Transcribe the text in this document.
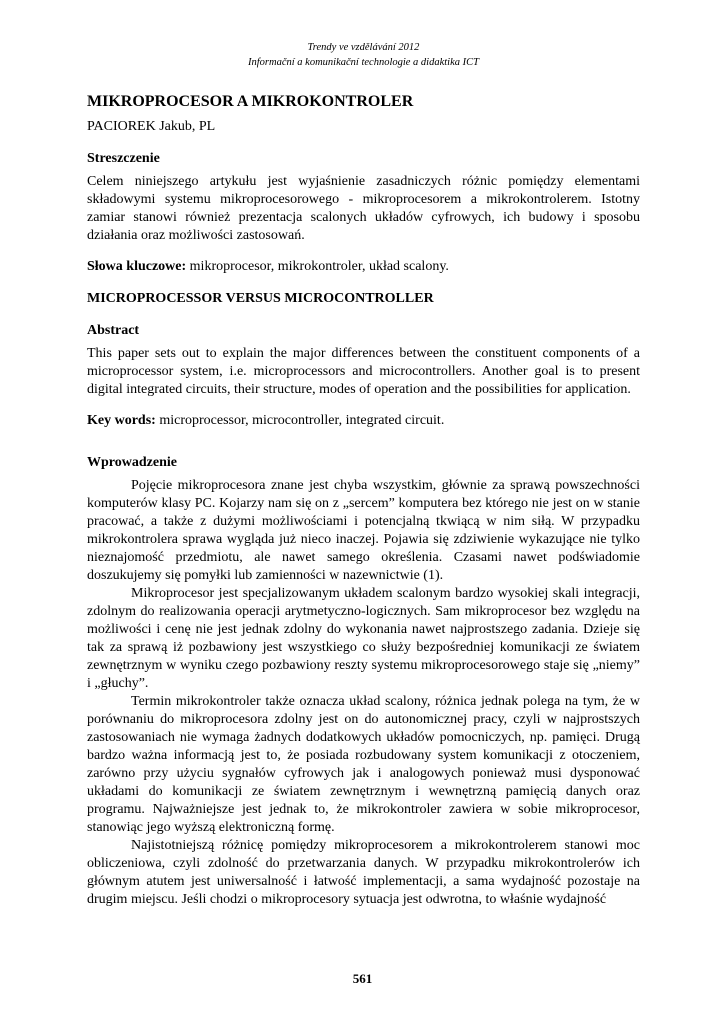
Trendy ve vzdělávání 2012

Informační a komunikační technologie a didaktika ICT

MIKROPROCESOR A MIKROKONTROLER

PACIOREK Jakub, PL

Streszczenie

Celem niniejszego artykułu jest wyjaśnienie zasadniczych różnic pomiędzy elementami składowymi systemu mikroprocesorowego - mikroprocesorem a mikrokontrolerem. Istotny zamiar stanowi również prezentacja scalonych układów cyfrowych, ich budowy i sposobu działania oraz możliwości zastosowań.

Słowa kluczowe: mikroprocesor, mikrokontroler, układ scalony.

MICROPROCESSOR VERSUS MICROCONTROLLER
Abstract

This paper sets out to explain the major differences between the constituent components of a microprocessor system, i.e. microprocessors and microcontrollers. Another goal is to present digital integrated circuits, their structure, modes of operation and the possibilities for application.

Key words: microprocessor, microcontroller, integrated circuit.

Wprowadzenie

Pojęcie mikroprocesora znane jest chyba wszystkim, głównie za sprawą powszechności komputerów klasy PC. Kojarzy nam się on z „sercem” komputera bez którego nie jest on w stanie pracować, a także z dużymi możliwościami i potencjalną tkwiącą w nim siłą. W przypadku mikrokontrolera sprawa wygląda już nieco inaczej. Pojawia się zdziwienie wykazujące nie tylko nieznajomość przedmiotu, ale nawet samego określenia. Czasami nawet podświadomie doszukujemy się pomyłki lub zamienności w nazewnictwie (1).

Mikroprocesor jest specjalizowanym układem scalonym bardzo wysokiej skali integracji, zdolnym do realizowania operacji arytmetyczno-logicznych. Sam mikroprocesor bez względu na możliwości i cenę nie jest jednak zdolny do wykonania nawet najprostszego zadania. Dzieje się tak za sprawą iż pozbawiony jest wszystkiego co służy bezpośredniej komunikacji ze światem zewnętrznym w wyniku czego pozbawiony reszty systemu mikroprocesorowego staje się „niemy” i „głuchy”.

Termin mikrokontroler także oznacza układ scalony, różnica jednak polega na tym, że w porównaniu do mikroprocesora zdolny jest on do autonomicznej pracy, czyli w najprostszych zastosowaniach nie wymaga żadnych dodatkowych układów pomocniczych, np. pamięci. Drugą bardzo ważna informacją jest to, że posiada rozbudowany system komunikacji z otoczeniem, zarówno przy użyciu sygnałów cyfrowych jak i analogowych ponieważ musi dysponować układami do komunikacji ze światem zewnętrznym i wewnętrzną pamięcią danych oraz programu. Najważniejsze jest jednak to, że mikrokontroler zawiera w sobie mikroprocesor, stanowiąc jego wyższą elektroniczną formę.

Najistotniejszą różnicę pomiędzy mikroprocesorem a mikrokontrolerem stanowi moc obliczeniowa, czyli zdolność do przetwarzania danych. W przypadku mikrokontrolerów ich głównym atutem jest uniwersalność i łatwość implementacji, a sama wydajność pozostaje na drugim miejscu. Jeśli chodzi o mikroprocesory sytuacja jest odwrotna, to właśnie wydajność

561
